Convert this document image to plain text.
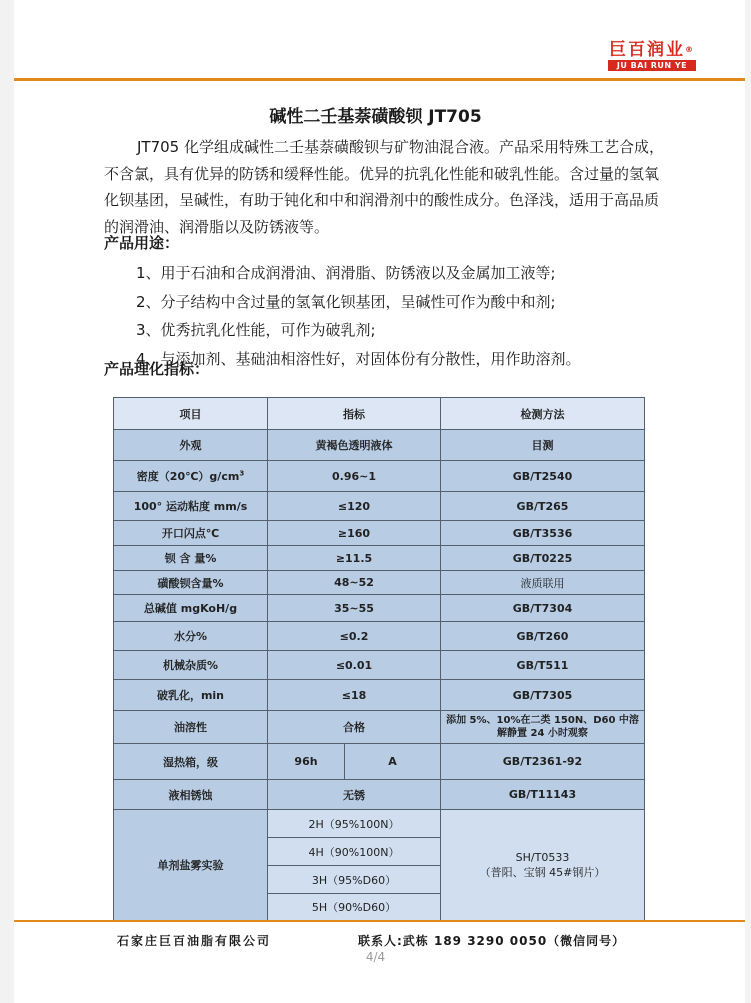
巨百润业®
JU BAI RUN YE
碱性二壬基萘磺酸钡 JT705
JT705 化学组成碱性二壬基萘磺酸钡与矿物油混合液。产品采用特殊工艺合成，不含氯，具有优异的防锈和缓释性能。优异的抗乳化性能和破乳性能。含过量的氢氧化钡基团，呈碱性，有助于钝化和中和润滑剂中的酸性成分。色泽浅，适用于高品质的润滑油、润滑脂以及防锈液等。
产品用途：
1、用于石油和合成润滑油、润滑脂、防锈液以及金属加工液等;
2、分子结构中含过量的氢氧化钡基团，呈碱性可作为酸中和剂;
3、优秀抗乳化性能，可作为破乳剂;
4、与添加剂、基础油相溶性好，对固体份有分散性，用作助溶剂。
产品理化指标：
项目	指标		检测方法
外观	黄褐色透明液体		目测
密度$(20℃)g/cm^3$	0.96~1		GB/T2540
100° 运动粘度 mm/s	≤120		GB/T265
开口闪点℃	≥160		GB/T3536
钡 含 量%	≥11.5		GB/T0225
磺酸钡含量%	48~52		液质联用
总碱值 mgKoH/g	35~55		GB/T7304
水分%	≤0.2		GB/T260
机械杂质%	≤0.01		GB/T511
破乳化，min	≤18		GB/T7305
油溶性	合格		添加 5%、10%在二类 150N、D60 中溶解静置 24 小时观察
湿热箱，级	96h	A	GB/T2361-92
液相锈蚀	无锈		GB/T11143
单剂盐雾实验	2H（95%100N）		SH/T0533
（普阳、宝钢 45#钢片）

	4H（90%100N）		
	3H（95%D60）		
	5H（90%D60）		
石家庄巨百油脂有限公司	联系人:武栋 189 3290 0050（微信同号）
4/4
